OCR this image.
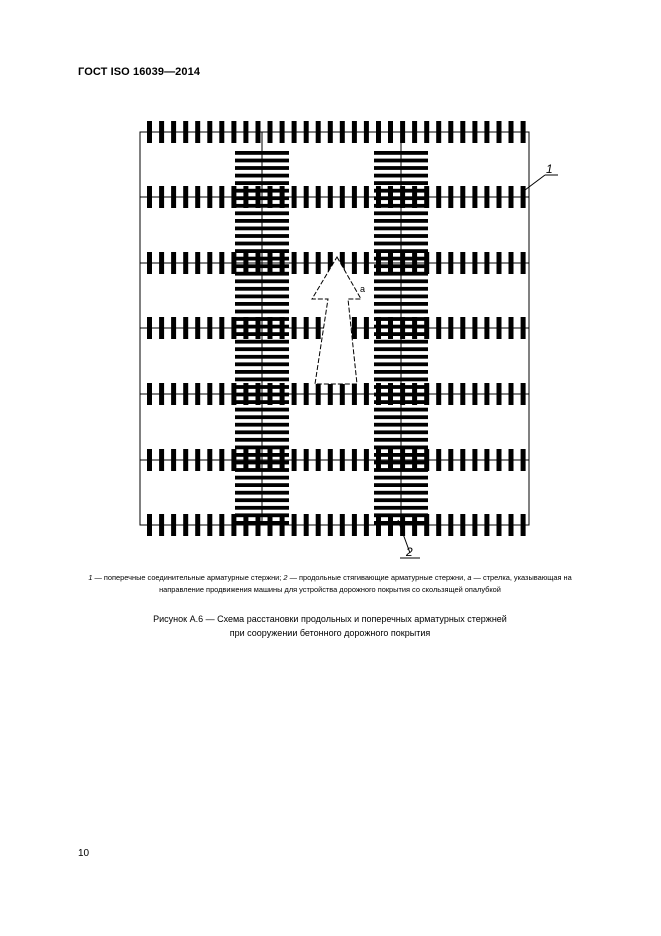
ГОСТ ISO 16039—2014
a
1
2
1 — поперечные соединительные арматурные стержни; 2 — продольные стягивающие арматурные стержни, a — стрелка, указывающая на направление продвижения машины для устройства дорожного покрытия со скользящей опалубкой
Рисунок А.6 — Схема расстановки продольных и поперечных арматурных стержней
при сооружении бетонного дорожного покрытия
10
